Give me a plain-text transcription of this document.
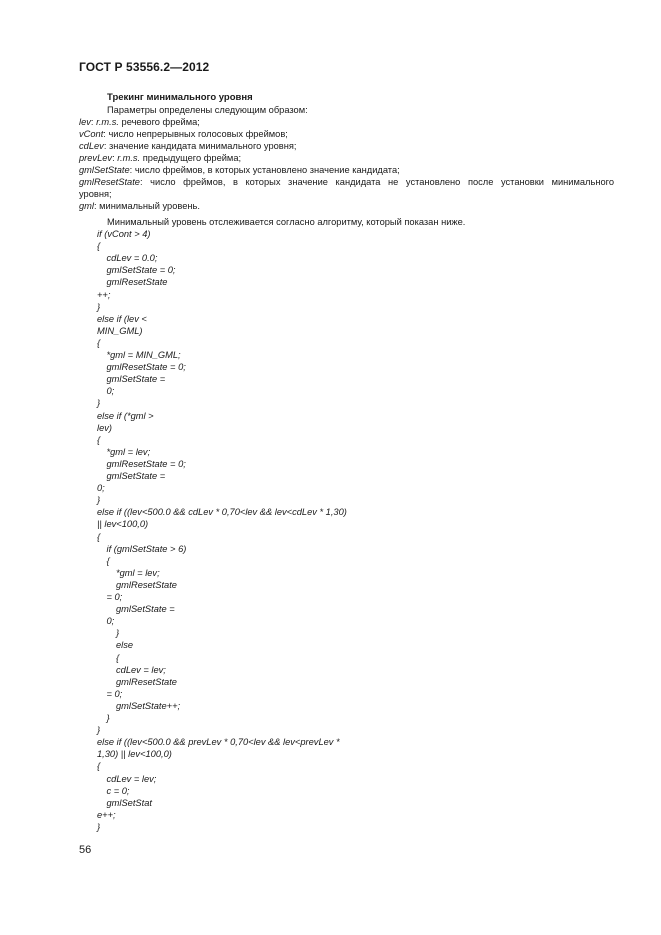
ГОСТ Р 53556.2—2012
Трекинг минимального уровня
Параметры определены следующим образом:
lev: r.m.s. речевого фрейма;
vCont: число непрерывных голосовых фреймов;
cdLev: значение кандидата минимального уровня;
prevLev: r.m.s. предыдущего фрейма;
gmlSetState: число фреймов, в которых установлено значение кандидата;
gmlResetState: число фреймов, в которых значение кандидата не установлено после установки минимального
уровня;
gml: минимальный уровень.
Минимальный уровень отслеживается согласно алгоритму, который показан ниже.
if (vCont > 4)
{
cdLev = 0.0;
gmlSetState = 0;
gmlResetState
++;
}
else if (lev <
MIN_GML)
{
*gml = MIN_GML;
gmlResetState = 0;
gmlSetState =
0;
}
else if (*gml >
lev)
{
*gml = lev;
gmlResetState = 0;
gmlSetState =
0;
}
else if ((lev<500.0 && cdLev * 0,70<lev && lev<cdLev * 1,30)
|| lev<100,0)
{
if (gmlSetState > 6)
{
*gml = lev;
gmlResetState
= 0;
gmlSetState =
0;
}
else
{
cdLev = lev;
gmlResetState
= 0;
gmlSetState++;
}
}
else if ((lev<500.0 && prevLev * 0,70<lev && lev<prevLev *
1,30) || lev<100,0)
{
cdLev = lev;
c = 0;
gmlSetStat
e++;
}
56
